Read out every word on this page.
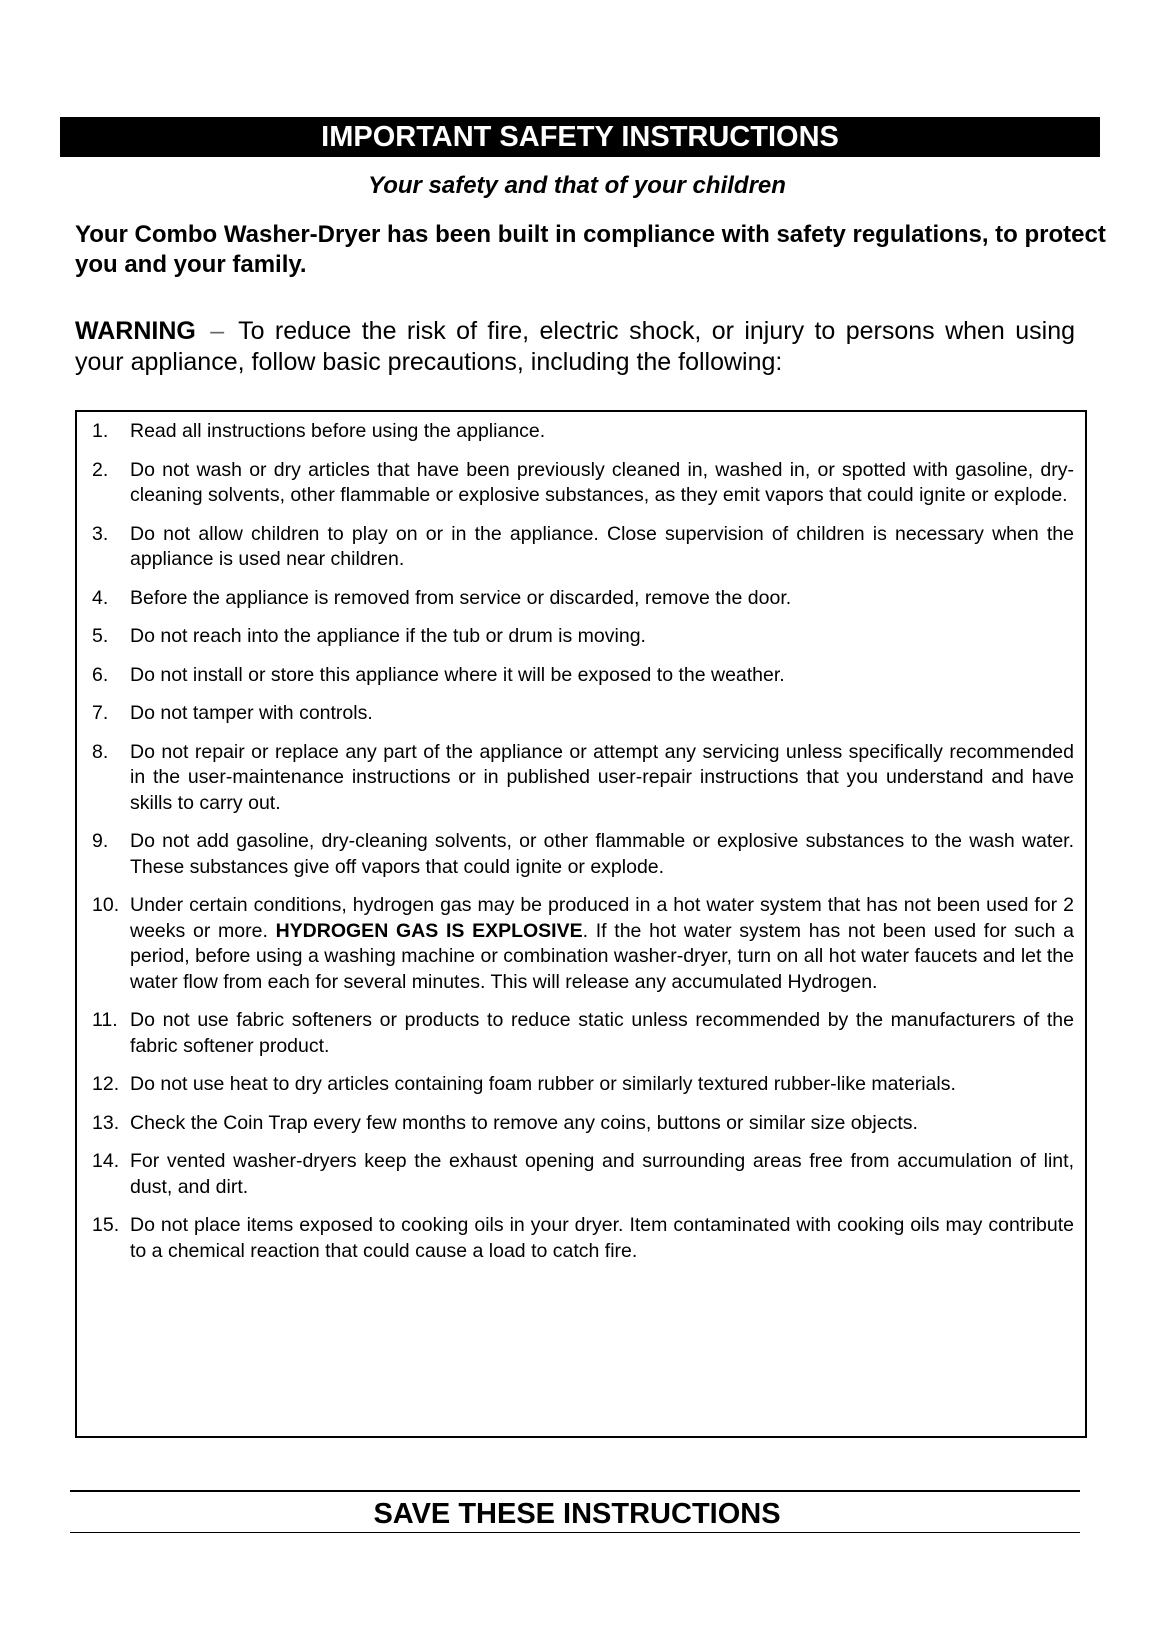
IMPORTANT SAFETY INSTRUCTIONS
Your safety and that of your children
Your Combo Washer-Dryer has been built in compliance with safety regulations, to protect you and your family.
WARNING – To reduce the risk of fire, electric shock, or injury to persons when using your appliance, follow basic precautions, including the following:
1. Read all instructions before using the appliance.
2. Do not wash or dry articles that have been previously cleaned in, washed in, or spotted with gasoline, dry-cleaning solvents, other flammable or explosive substances, as they emit vapors that could ignite or explode.
3. Do not allow children to play on or in the appliance. Close supervision of children is necessary when the appliance is used near children.
4. Before the appliance is removed from service or discarded, remove the door.
5. Do not reach into the appliance if the tub or drum is moving.
6. Do not install or store this appliance where it will be exposed to the weather.
7. Do not tamper with controls.
8. Do not repair or replace any part of the appliance or attempt any servicing unless specifically recommended in the user-maintenance instructions or in published user-repair instructions that you understand and have skills to carry out.
9. Do not add gasoline, dry-cleaning solvents, or other flammable or explosive substances to the wash water. These substances give off vapors that could ignite or explode.
10. Under certain conditions, hydrogen gas may be produced in a hot water system that has not been used for 2 weeks or more. HYDROGEN GAS IS EXPLOSIVE. If the hot water system has not been used for such a period, before using a washing machine or combination washer-dryer, turn on all hot water faucets and let the water flow from each for several minutes. This will release any accumulated Hydrogen.
11. Do not use fabric softeners or products to reduce static unless recommended by the manufacturers of the fabric softener product.
12. Do not use heat to dry articles containing foam rubber or similarly textured rubber-like materials.
13. Check the Coin Trap every few months to remove any coins, buttons or similar size objects.
14. For vented washer-dryers keep the exhaust opening and surrounding areas free from accumulation of lint, dust, and dirt.
15. Do not place items exposed to cooking oils in your dryer. Item contaminated with cooking oils may contribute to a chemical reaction that could cause a load to catch fire.
SAVE THESE INSTRUCTIONS
